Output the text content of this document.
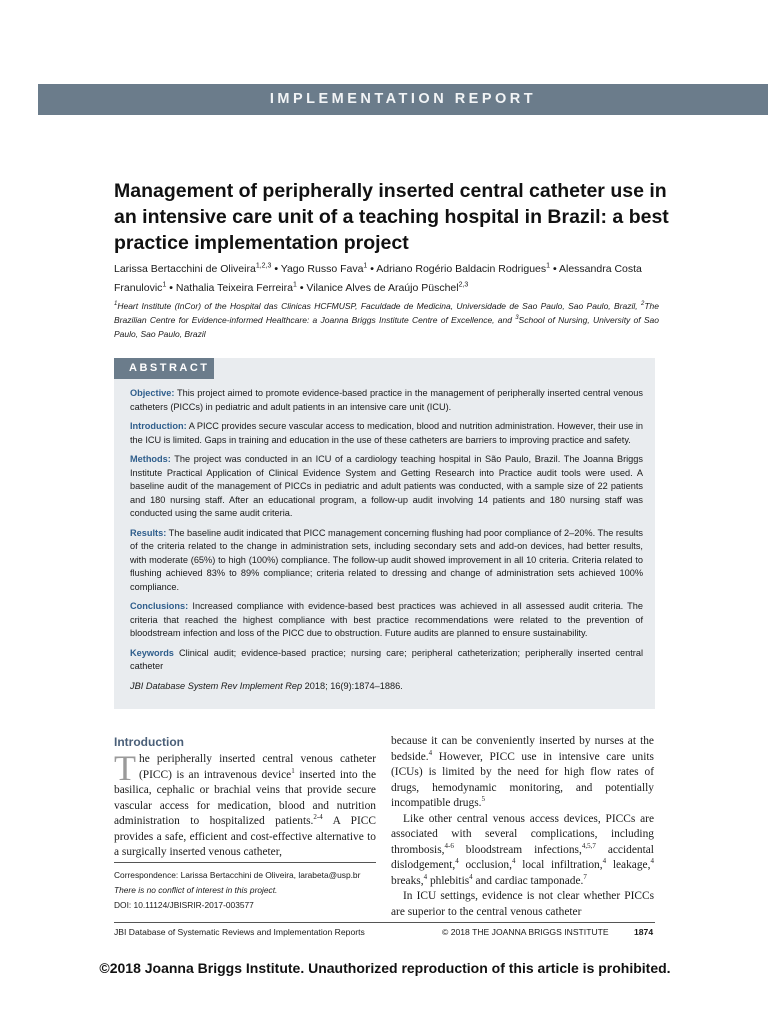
IMPLEMENTATION REPORT
Management of peripherally inserted central catheter use in an intensive care unit of a teaching hospital in Brazil: a best practice implementation project
Larissa Bertacchini de Oliveira$^{1,2,3}$ • Yago Russo Fava$^1$ • Adriano Rogério Baldacin Rodrigues$^1$ • Alessandra Costa Franulovic$^1$ • Nathalia Teixeira Ferreira$^1$ • Vilanice Alves de Araújo Püschel$^{2,3}$
$^1$Heart Institute (InCor) of the Hospital das Clinicas HCFMUSP, Faculdade de Medicina, Universidade de Sao Paulo, Sao Paulo, Brazil, $^2$The Brazilian Centre for Evidence-informed Healthcare: a Joanna Briggs Institute Centre of Excellence, and $^3$School of Nursing, University of Sao Paulo, Sao Paulo, Brazil
ABSTRACT

Objective: This project aimed to promote evidence-based practice in the management of peripherally inserted central venous catheters (PICCs) in pediatric and adult patients in an intensive care unit (ICU).

Introduction: A PICC provides secure vascular access to medication, blood and nutrition administration. However, their use in the ICU is limited. Gaps in training and education in the use of these catheters are barriers to improving practice and safety.

Methods: The project was conducted in an ICU of a cardiology teaching hospital in São Paulo, Brazil. The Joanna Briggs Institute Practical Application of Clinical Evidence System and Getting Research into Practice audit tools were used. A baseline audit of the management of PICCs in pediatric and adult patients was conducted, with a sample size of 22 patients and 180 nursing staff. After an educational program, a follow-up audit involving 14 patients and 180 nursing staff was conducted using the same audit criteria.

Results: The baseline audit indicated that PICC management concerning flushing had poor compliance of 2–20%. The results of the criteria related to the change in administration sets, including secondary sets and add-on devices, had better results, with moderate (65%) to high (100%) compliance. The follow-up audit showed improvement in all 10 criteria. Criteria related to flushing achieved 83% to 89% compliance; criteria related to dressing and change of administration sets achieved 100% compliance.

Conclusions: Increased compliance with evidence-based best practices was achieved in all assessed audit criteria. The criteria that reached the highest compliance with best practice recommendations were related to the prevention of bloodstream infection and loss of the PICC due to obstruction. Future audits are planned to ensure sustainability.

Keywords Clinical audit; evidence-based practice; nursing care; peripheral catheterization; peripherally inserted central catheter

JBI Database System Rev Implement Rep 2018; 16(9):1874–1886.

Introduction
The peripherally inserted central venous catheter (PICC) is an intravenous device$^1$ inserted into the basilica, cephalic or brachial veins that provide secure vascular access for medication, blood and nutrition administration to hospitalized patients.$^{2-4}$ A PICC provides a safe, efficient and cost-effective alternative to a surgically inserted venous catheter,
Correspondence: Larissa Bertacchini de Oliveira, larabeta@usp.br
There is no conflict of interest in this project.
DOI: 10.11124/JBISRIR-2017-003577

because it can be conveniently inserted by nurses at the bedside.$^4$ However, PICC use in intensive care units (ICUs) is limited by the need for high flow rates of drugs, hemodynamic monitoring, and potentially incompatible drugs.$^5$

Like other central venous access devices, PICCs are associated with several complications, including thrombosis,$^{4-6}$ bloodstream infections,$^{4,5,7}$ accidental dislodgement,$^4$ occlusion,$^4$ local infiltration,$^4$ leakage,$^4$ breaks,$^4$ phlebitis$^4$ and cardiac tamponade.$^7$

In ICU settings, evidence is not clear whether PICCs are superior to the central venous catheter

JBI Database of Systematic Reviews and Implementation Reports	© 2018 THE JOANNA BRIGGS INSTITUTE	1874
©2018 Joanna Briggs Institute. Unauthorized reproduction of this article is prohibited.
